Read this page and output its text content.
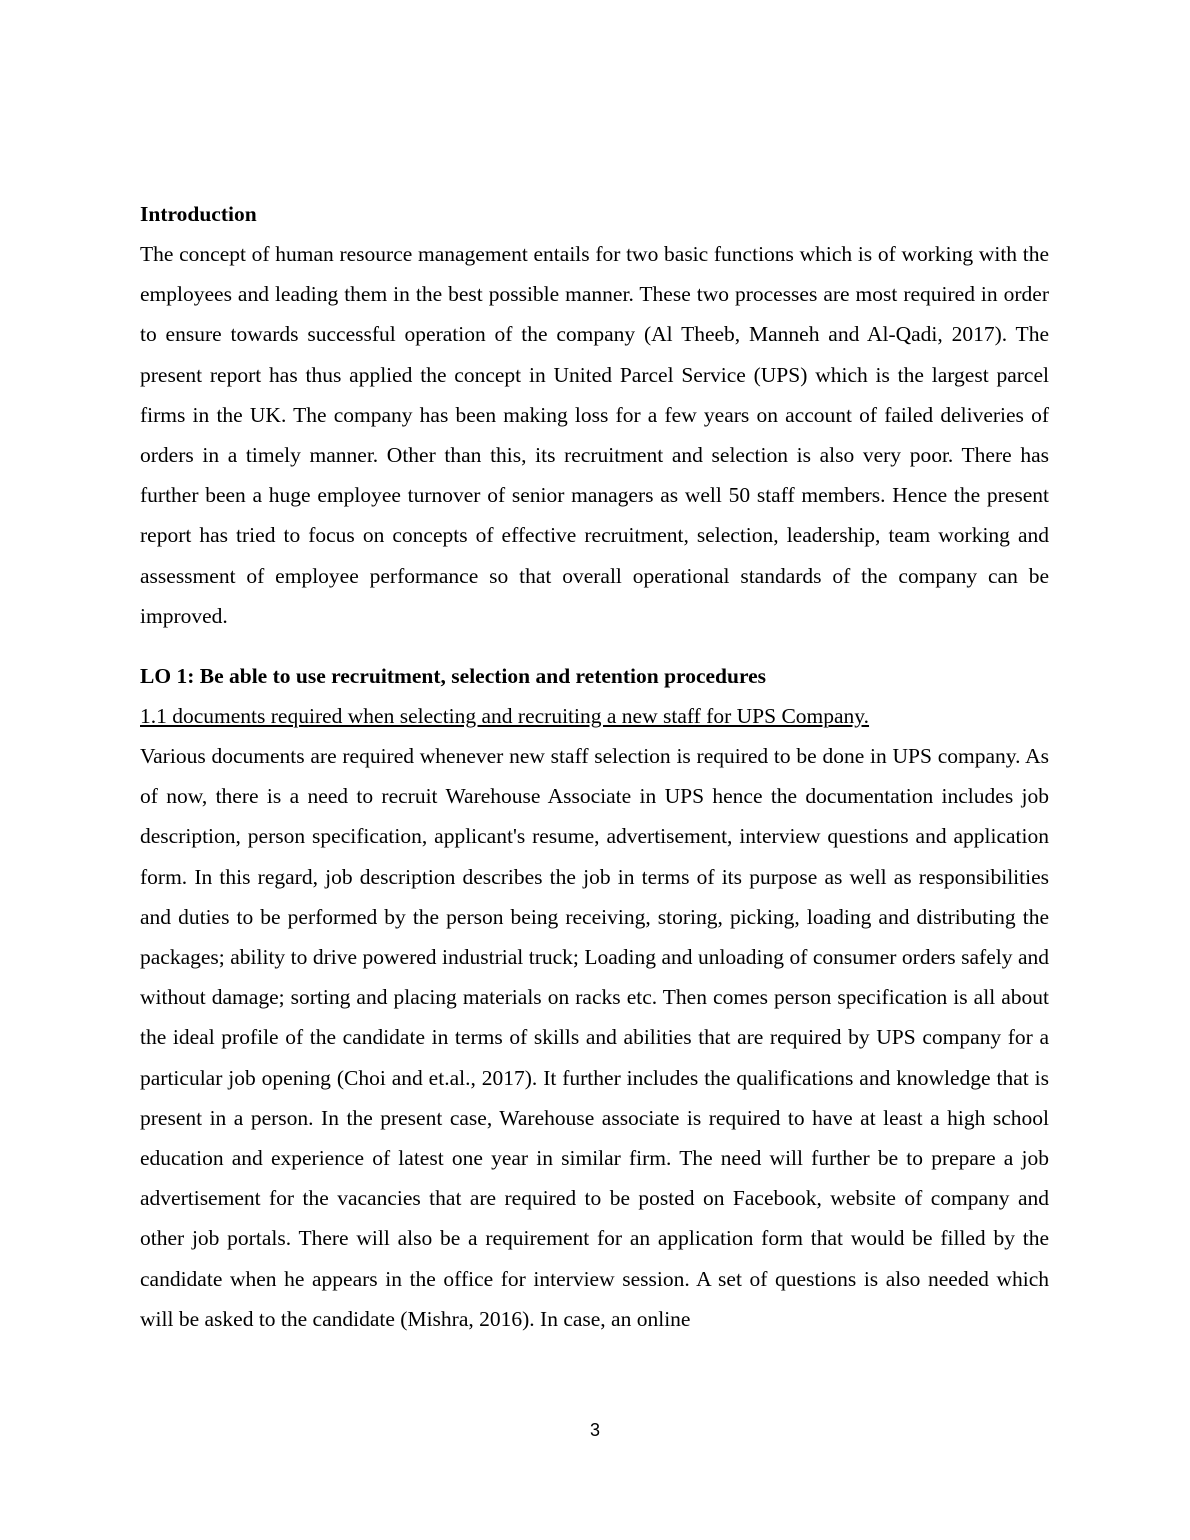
Introduction

The concept of human resource management entails for two basic functions which is of working with the employees and leading them in the best possible manner. These two processes are most required in order to ensure towards successful operation of the company (Al Theeb, Manneh and Al-Qadi, 2017). The present report has thus applied the concept in United Parcel Service (UPS) which is the largest parcel firms in the UK. The company has been making loss for a few years on account of failed deliveries of orders in a timely manner. Other than this, its recruitment and selection is also very poor. There has further been a huge employee turnover of senior managers as well 50 staff members. Hence the present report has tried to focus on concepts of effective recruitment, selection, leadership, team working and assessment of employee performance so that overall operational standards of the company can be improved.

LO 1: Be able to use recruitment, selection and retention procedures

1.1 documents required when selecting and recruiting a new staff for UPS Company.

Various documents are required whenever new staff selection is required to be done in UPS company. As of now, there is a need to recruit Warehouse Associate in UPS hence the documentation includes job description, person specification, applicant's resume, advertisement, interview questions and application form. In this regard, job description describes the job in terms of its purpose as well as responsibilities and duties to be performed by the person being receiving, storing, picking, loading and distributing the packages; ability to drive powered industrial truck; Loading and unloading of consumer orders safely and without damage; sorting and placing materials on racks etc. Then comes person specification is all about the ideal profile of the candidate in terms of skills and abilities that are required by UPS company for a particular job opening (Choi and et.al., 2017). It further includes the qualifications and knowledge that is present in a person. In the present case, Warehouse associate is required to have at least a high school education and experience of latest one year in similar firm. The need will further be to prepare a job advertisement for the vacancies that are required to be posted on Facebook, website of company and other job portals. There will also be a requirement for an application form that would be filled by the candidate when he appears in the office for interview session. A set of questions is also needed which will be asked to the candidate (Mishra, 2016). In case, an online

3
